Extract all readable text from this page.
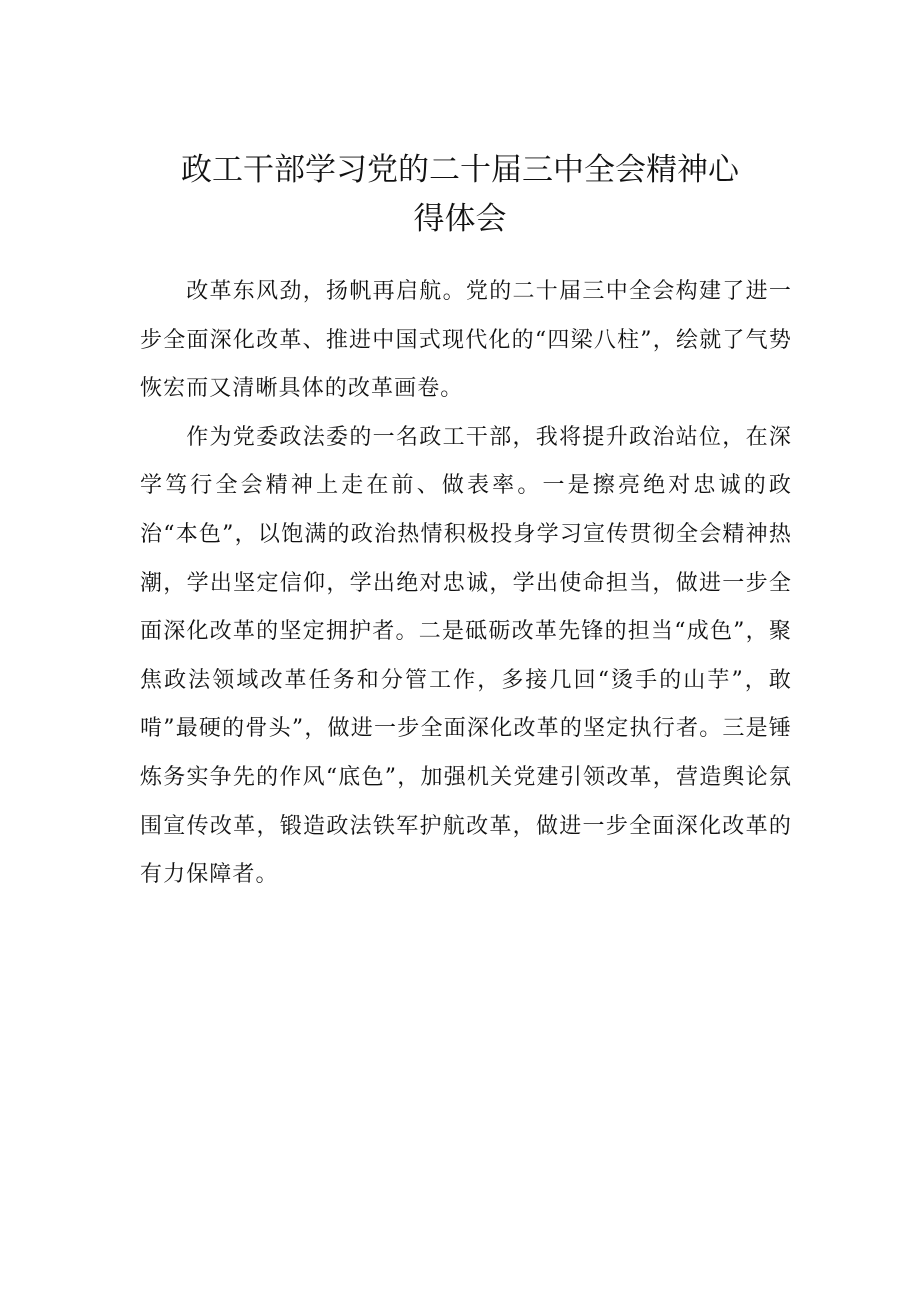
政工干部学习党的二十届三中全会精神心
得体会

改革东风劲，扬帆再启航。党的二十届三中全会构建了进一步全面深化改革、推进中国式现代化的“四梁八柱”，绘就了气势恢宏而又清晰具体的改革画卷。

作为党委政法委的一名政工干部，我将提升政治站位，在深学笃行全会精神上走在前、做表率。一是擦亮绝对忠诚的政治“本色”，以饱满的政治热情积极投身学习宣传贯彻全会精神热潮，学出坚定信仰，学出绝对忠诚，学出使命担当，做进一步全面深化改革的坚定拥护者。二是砥砺改革先锋的担当“成色”，聚焦政法领域改革任务和分管工作，多接几回“烫手的山芋”，敢啃”最硬的骨头”，做进一步全面深化改革的坚定执行者。三是锤炼务实争先的作风“底色”，加强机关党建引领改革，营造舆论氛围宣传改革，锻造政法铁军护航改革，做进一步全面深化改革的有力保障者。
